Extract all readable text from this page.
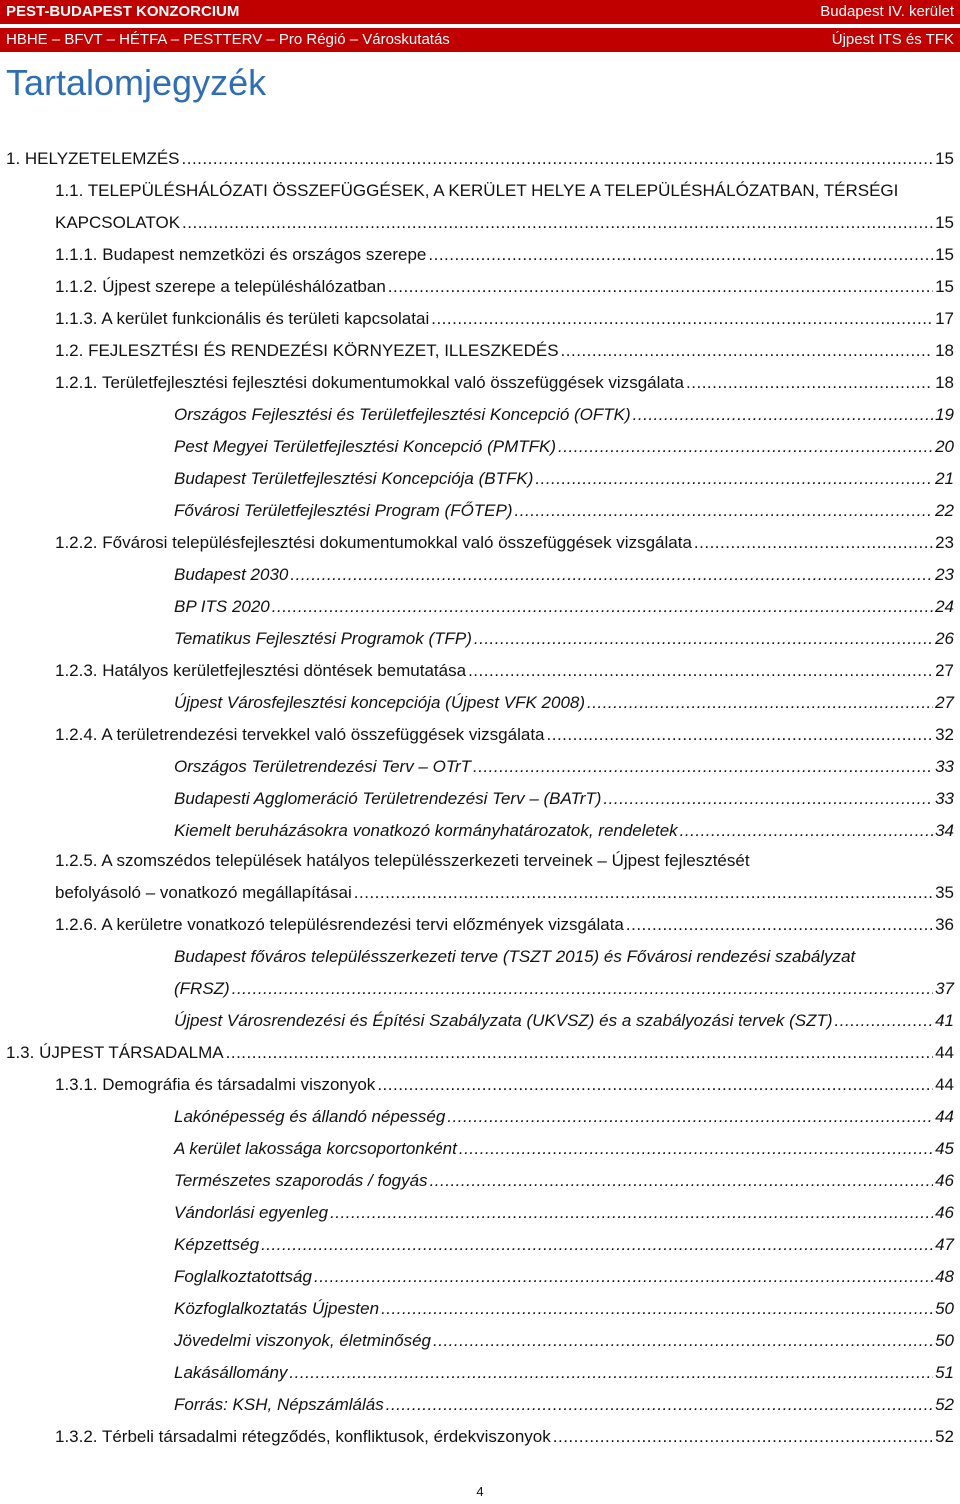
PEST-BUDAPEST KONZORCIUM	Budapest IV. kerület
HBHE – BFVT – HÉTFA – PESTTERV – Pro Régió – Városkutatás	Újpest ITS és TFK
Tartalomjegyzék
1. HELYZETELEMZÉS .....	15
1.1. TELEPÜLÉSHÁLÓZATI ÖSSZEFÜGGÉSEK, A KERÜLET HELYE A TELEPÜLÉSHÁLÓZATBAN, TÉRSÉGI
KAPCSOLATOK .....	15
1.1.1. Budapest nemzetközi és országos szerepe .....	15
1.1.2. Újpest szerepe a településhálózatban .....	15
1.1.3. A kerület funkcionális és területi kapcsolatai .....	17
1.2. FEJLESZTÉSI ÉS RENDEZÉSI KÖRNYEZET, ILLESZKEDÉS .....	18
1.2.1. Területfejlesztési fejlesztési dokumentumokkal való összefüggések vizsgálata .....	18
Országos Fejlesztési és Területfejlesztési Koncepció (OFTK) .....	19
Pest Megyei Területfejlesztési Koncepció (PMTFK) .....	20
Budapest Területfejlesztési Koncepciója (BTFK) .....	21
Fővárosi Területfejlesztési Program (FŐTEP) .....	22
1.2.2. Fővárosi településfejlesztési dokumentumokkal való összefüggések vizsgálata .....	23
Budapest 2030 .....	23
BP ITS 2020 .....	24
Tematikus Fejlesztési Programok (TFP) .....	26
1.2.3. Hatályos kerületfejlesztési döntések bemutatása .....	27
Újpest Városfejlesztési koncepciója (Újpest VFK 2008) .....	27
1.2.4. A területrendezési tervekkel való összefüggések vizsgálata .....	32
Országos Területrendezési Terv – OTrT .....	33
Budapesti Agglomeráció Területrendezési Terv – (BATrT) .....	33
Kiemelt beruházásokra vonatkozó kormányhatározatok, rendeletek .....	34
1.2.5. A szomszédos települések hatályos településszerkezeti terveinek – Újpest fejlesztését
befolyásoló – vonatkozó megállapításai .....	35
1.2.6. A kerületre vonatkozó településrendezési tervi előzmények vizsgálata .....	36
Budapest főváros településszerkezeti terve (TSZT 2015) és Fővárosi rendezési szabályzat
(FRSZ) .....	37
Újpest Városrendezési és Építési Szabályzata (UKVSZ) és a szabályozási tervek (SZT) .....	41
1.3. ÚJPEST TÁRSADALMA .....	44
1.3.1. Demográfia és társadalmi viszonyok .....	44
Lakónépesség és állandó népesség .....	44
A kerület lakossága korcsoportonként .....	45
Természetes szaporodás / fogyás .....	46
Vándorlási egyenleg .....	46
Képzettség .....	47
Foglalkoztatottság .....	48
Közfoglalkoztatás Újpesten .....	50
Jövedelmi viszonyok, életminőség .....	50
Lakásállomány .....	51
Forrás: KSH, Népszámlálás .....	52
1.3.2. Térbeli társadalmi rétegződés, konfliktusok, érdekviszonyok .....	52
4
